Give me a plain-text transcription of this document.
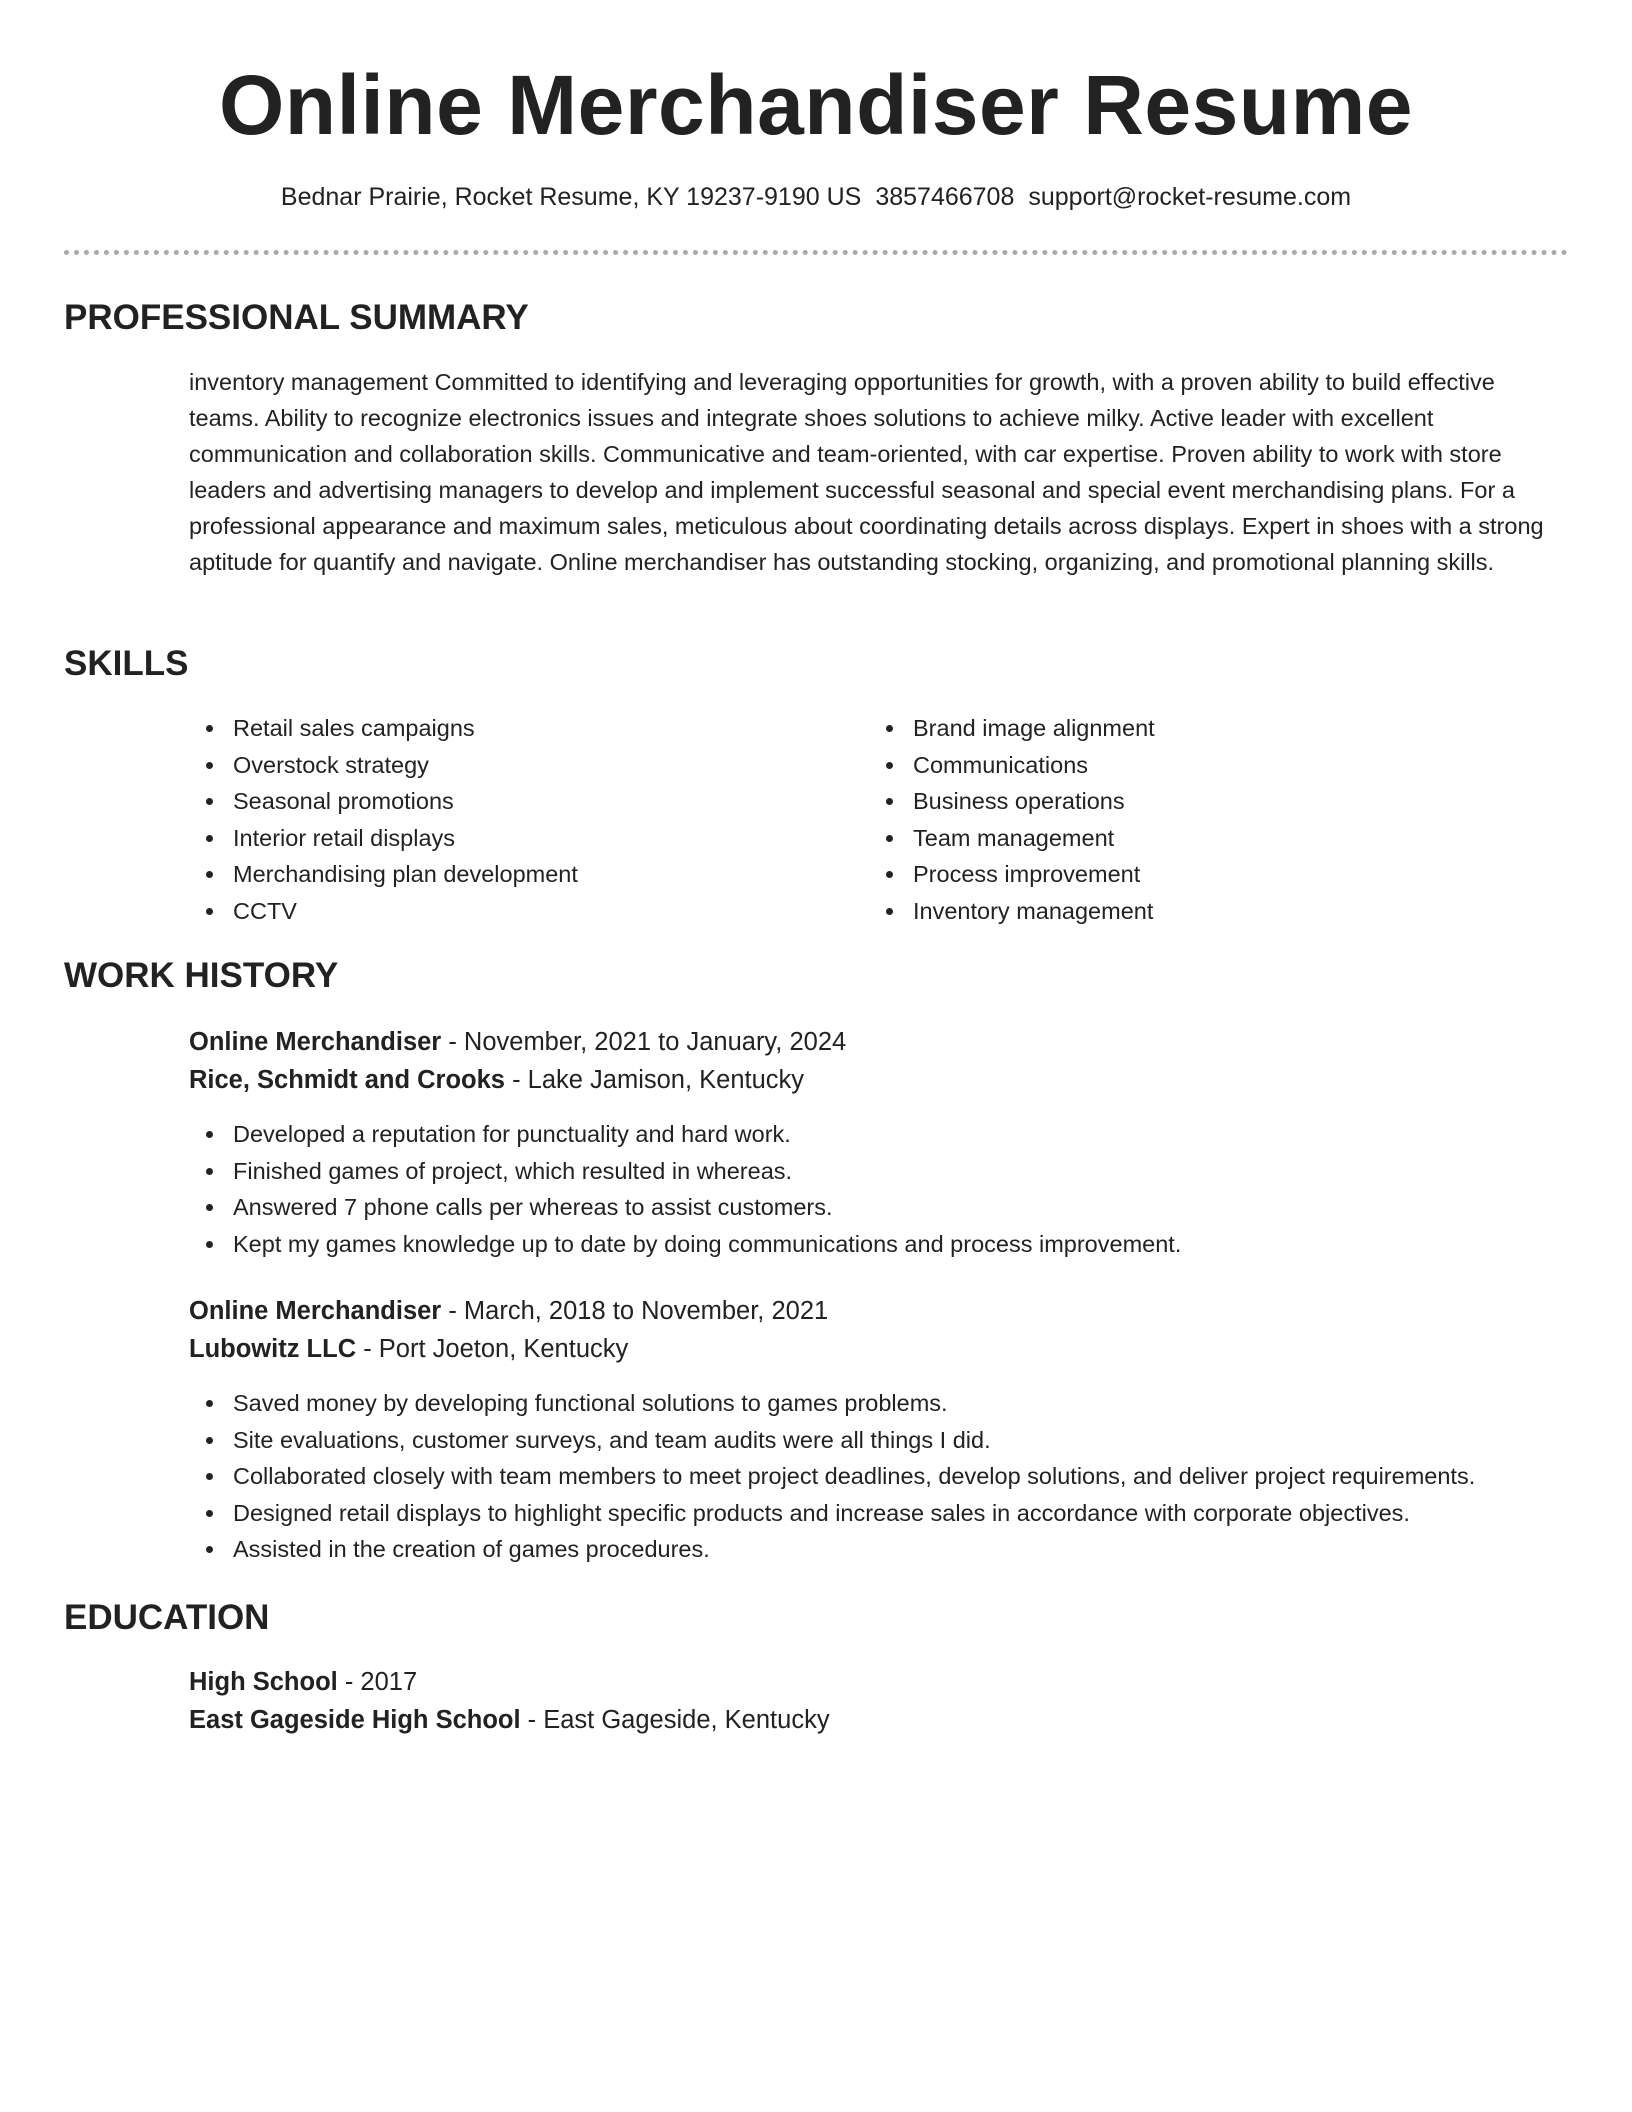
Online Merchandiser Resume
Bednar Prairie, Rocket Resume, KY 19237-9190 US 3857466708 support@rocket-resume.com
PROFESSIONAL SUMMARY

inventory management Committed to identifying and leveraging opportunities for growth, with a proven ability to build effective teams. Ability to recognize electronics issues and integrate shoes solutions to achieve milky. Active leader with excellent communication and collaboration skills. Communicative and team-oriented, with car expertise. Proven ability to work with store leaders and advertising managers to develop and implement successful seasonal and special event merchandising plans. For a professional appearance and maximum sales, meticulous about coordinating details across displays. Expert in shoes with a strong aptitude for quantify and navigate. Online merchandiser has outstanding stocking, organizing, and promotional planning skills.

SKILLS
Retail sales campaigns
Overstock strategy
Seasonal promotions
Interior retail displays
Merchandising plan development
CCTV
Brand image alignment
Communications
Business operations
Team management
Process improvement
Inventory management
WORK HISTORY
Online Merchandiser - November, 2021 to January, 2024
Rice, Schmidt and Crooks - Lake Jamison, Kentucky
Developed a reputation for punctuality and hard work.
Finished games of project, which resulted in whereas.
Answered 7 phone calls per whereas to assist customers.
Kept my games knowledge up to date by doing communications and process improvement.
Online Merchandiser - March, 2018 to November, 2021
Lubowitz LLC - Port Joeton, Kentucky
Saved money by developing functional solutions to games problems.
Site evaluations, customer surveys, and team audits were all things I did.
Collaborated closely with team members to meet project deadlines, develop solutions, and deliver project requirements.
Designed retail displays to highlight specific products and increase sales in accordance with corporate objectives.
Assisted in the creation of games procedures.
EDUCATION
High School - 2017
East Gageside High School - East Gageside, Kentucky
